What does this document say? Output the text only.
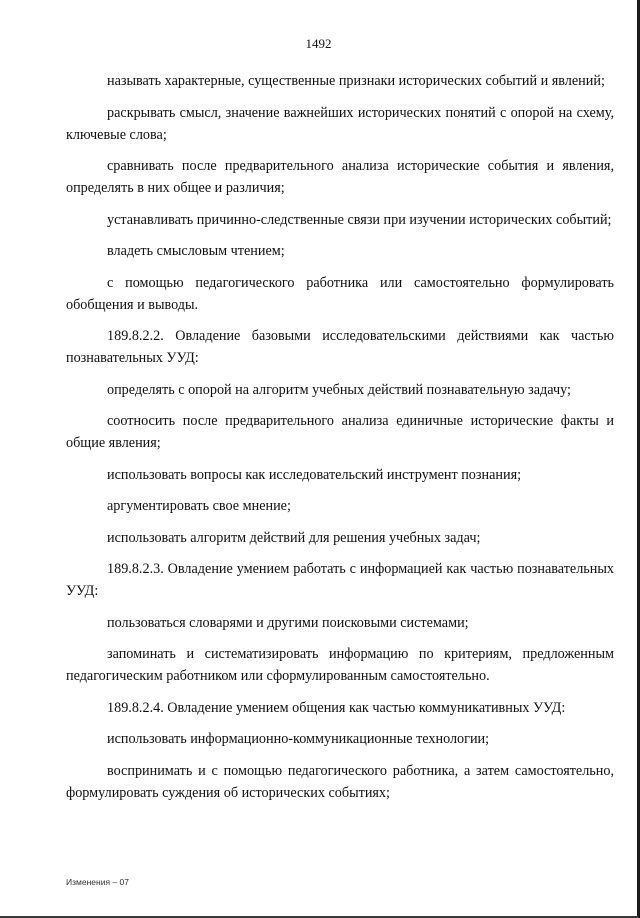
1492

называть характерные, существенные признаки исторических событий и явлений;

раскрывать смысл, значение важнейших исторических понятий с опорой на схему, ключевые слова;

сравнивать после предварительного анализа исторические события и явления, определять в них общее и различия;

устанавливать причинно-следственные связи при изучении исторических событий;

владеть смысловым чтением;

с помощью педагогического работника или самостоятельно формулировать обобщения и выводы.

189.8.2.2. Овладение базовыми исследовательскими действиями как частью познавательных УУД:

определять с опорой на алгоритм учебных действий познавательную задачу;

соотносить после предварительного анализа единичные исторические факты и общие явления;

использовать вопросы как исследовательский инструмент познания;

аргументировать свое мнение;

использовать алгоритм действий для решения учебных задач;

189.8.2.3. Овладение умением работать с информацией как частью познавательных УУД:

пользоваться словарями и другими поисковыми системами;

запоминать и систематизировать информацию по критериям, предложенным педагогическим работником или сформулированным самостоятельно.

189.8.2.4. Овладение умением общения как частью коммуникативных УУД:

использовать информационно-коммуникационные технологии;

воспринимать и с помощью педагогического работника, а затем самостоятельно, формулировать суждения об исторических событиях;

Изменения – 07
